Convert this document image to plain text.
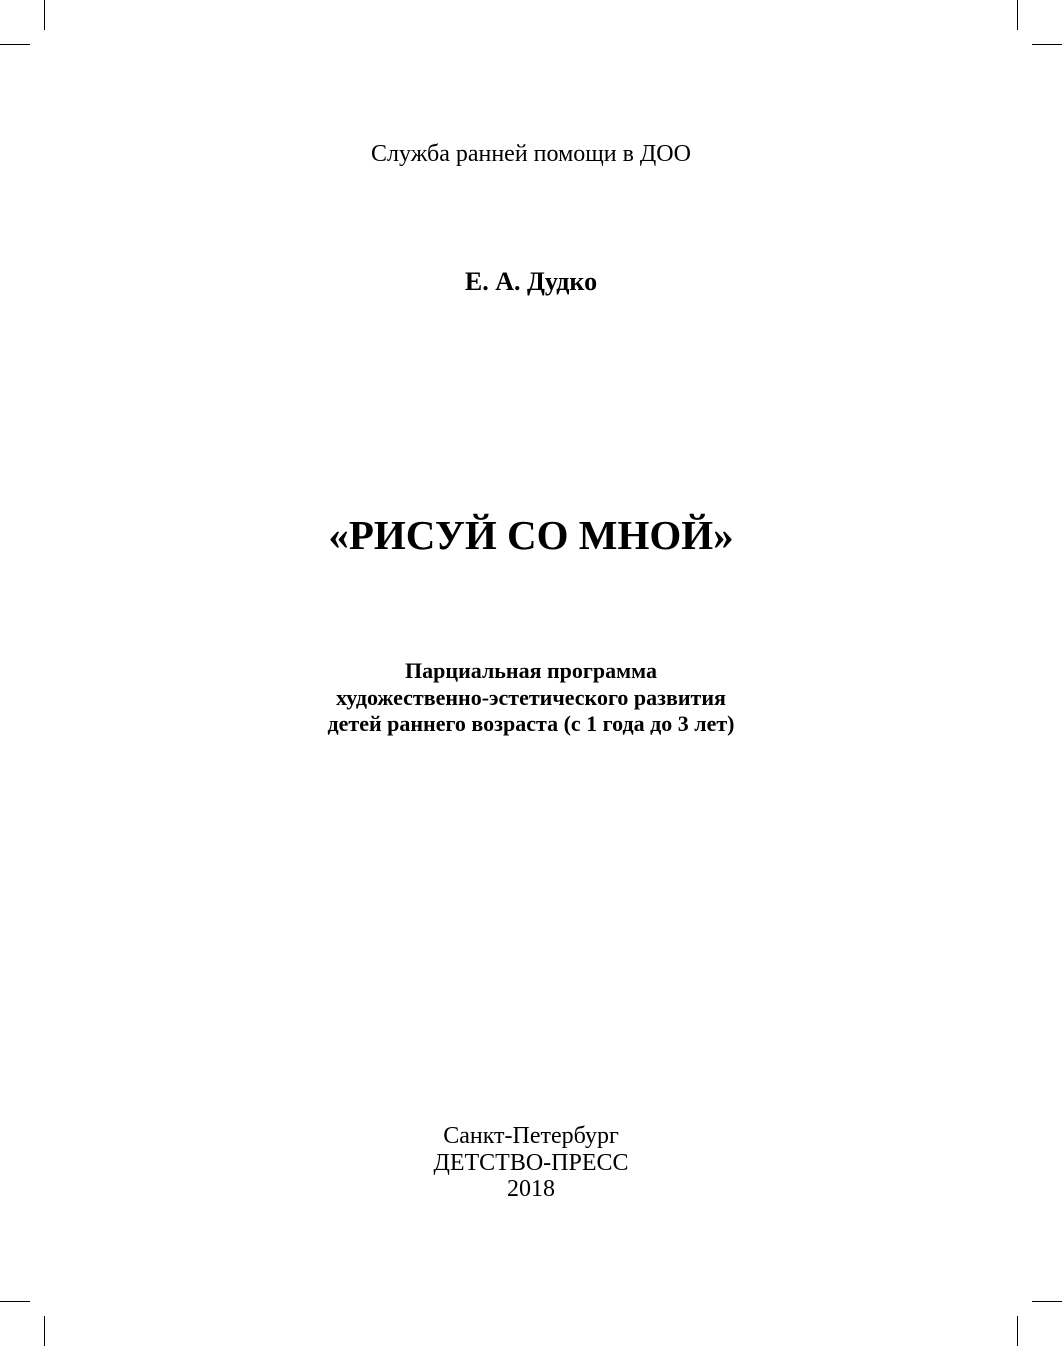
Служба ранней помощи в ДОО
Е. А. Дудко
«РИСУЙ СО МНОЙ»
Парциальная программа
художественно-эстетического развития
детей раннего возраста (с 1 года до 3 лет)
Санкт-Петербург
ДЕТСТВО-ПРЕСС
2018
